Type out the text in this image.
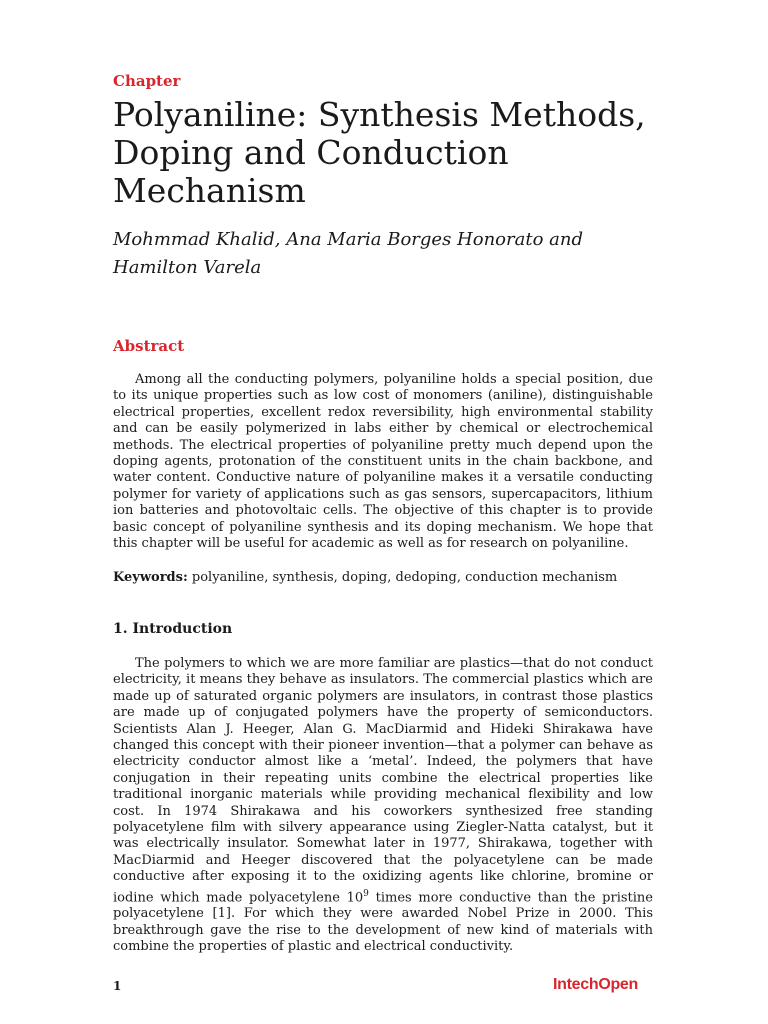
Chapter
Polyaniline: Synthesis Methods, Doping and Conduction Mechanism
Mohmmad Khalid, Ana Maria Borges Honorato and Hamilton Varela
Abstract
Among all the conducting polymers, polyaniline holds a special position, due to its unique properties such as low cost of monomers (aniline), distinguishable electrical properties, excellent redox reversibility, high environmental stability and can be easily polymerized in labs either by chemical or electrochemical methods. The electrical properties of polyaniline pretty much depend upon the doping agents, protonation of the constituent units in the chain backbone, and water content. Conductive nature of polyaniline makes it a versatile conducting polymer for variety of applications such as gas sensors, supercapacitors, lithium ion batteries and photovoltaic cells. The objective of this chapter is to provide basic concept of polyaniline synthesis and its doping mechanism. We hope that this chapter will be useful for academic as well as for research on polyaniline.
Keywords: polyaniline, synthesis, doping, dedoping, conduction mechanism
1. Introduction
The polymers to which we are more familiar are plastics—that do not conduct electricity, it means they behave as insulators. The commercial plastics which are made up of saturated organic polymers are insulators, in contrast those plastics are made up of conjugated polymers have the property of semiconductors. Scientists Alan J. Heeger, Alan G. MacDiarmid and Hideki Shirakawa have changed this concept with their pioneer invention—that a polymer can behave as electricity conductor almost like a ‘metal’. Indeed, the polymers that have conjugation in their repeating units combine the electrical properties like traditional inorganic materials while providing mechanical flexibility and low cost. In 1974 Shirakawa and his coworkers synthesized free standing polyacetylene film with silvery appearance using Ziegler-Natta catalyst, but it was electrically insulator. Somewhat later in 1977, Shirakawa, together with MacDiarmid and Heeger discovered that the polyacetylene can be made conductive after exposing it to the oxidizing agents like chlorine, bromine or iodine which made polyacetylene $10^9$ times more conductive than the pristine polyacetylene [1]. For which they were awarded Nobel Prize in 2000. This breakthrough gave the rise to the development of new kind of materials with combine the properties of plastic and electrical conductivity.
1	IntechOpen
